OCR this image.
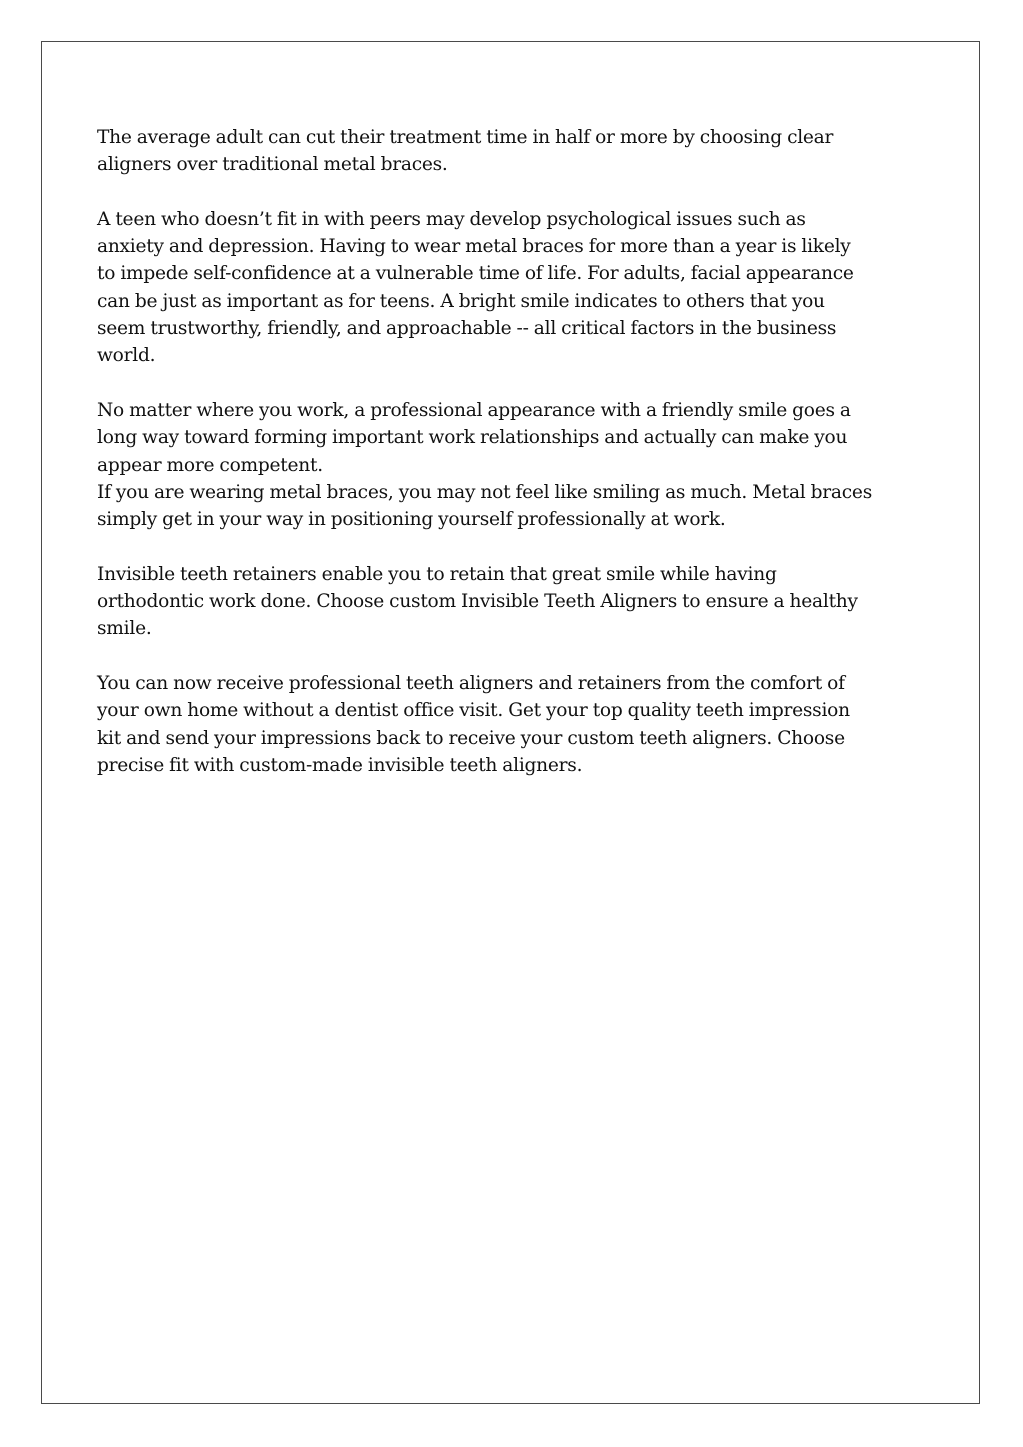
The average adult can cut their treatment time in half or more by choosing clear
aligners over traditional metal braces.

A teen who doesn’t fit in with peers may develop psychological issues such as
anxiety and depression. Having to wear metal braces for more than a year is likely
to impede self-confidence at a vulnerable time of life. For adults, facial appearance
can be just as important as for teens. A bright smile indicates to others that you
seem trustworthy, friendly, and approachable -- all critical factors in the business
world.

No matter where you work, a professional appearance with a friendly smile goes a
long way toward forming important work relationships and actually can make you
appear more competent.

If you are wearing metal braces, you may not feel like smiling as much. Metal braces
simply get in your way in positioning yourself professionally at work.

Invisible teeth retainers enable you to retain that great smile while having
orthodontic work done. Choose custom Invisible Teeth Aligners to ensure a healthy
smile.

You can now receive professional teeth aligners and retainers from the comfort of
your own home without a dentist office visit. Get your top quality teeth impression
kit and send your impressions back to receive your custom teeth aligners. Choose
precise fit with custom-made invisible teeth aligners.
